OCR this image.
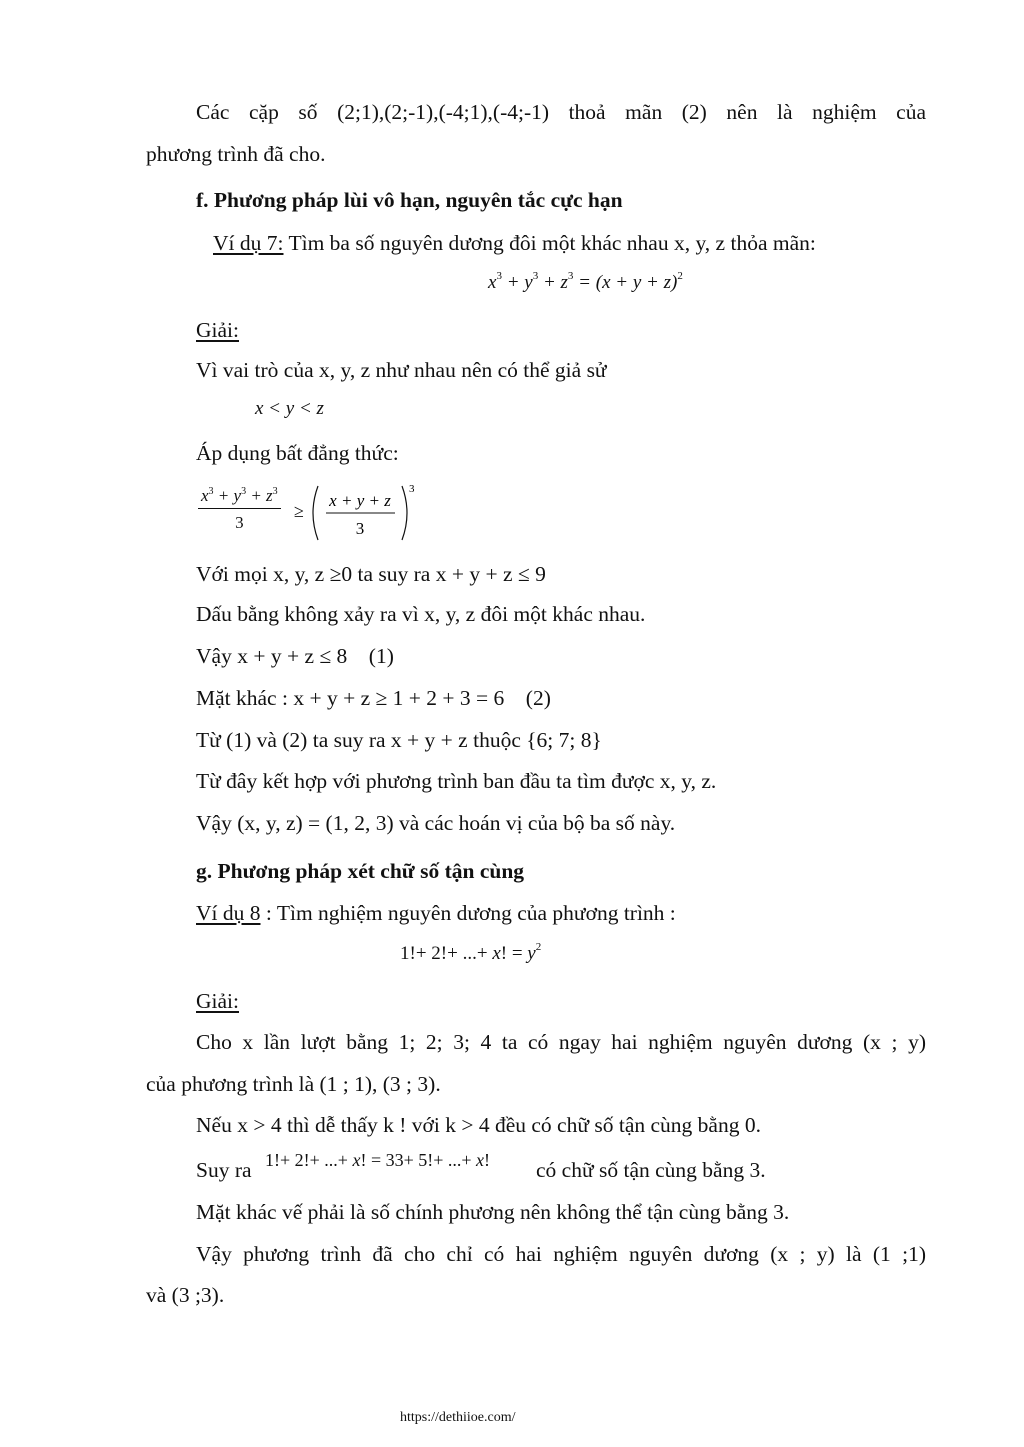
Các cặp số (2;1),(2;-1),(-4;1),(-4;-1) thoả mãn (2) nên là nghiệm của
phương trình đã cho.
f. Phương pháp lùi vô hạn, nguyên tắc cực hạn
Ví dụ 7: Tìm ba số nguyên dương đôi một khác nhau x, y, z thỏa mãn:
$x^3 + y^3 + z^3 = (x + y + z)^2$
Giải:
Vì vai trò của x, y, z như nhau nên có thể giả sử
x < y < z
Áp dụng bất đẳng thức:
$\frac{x^3 + y^3 + z^3}{3}$ ≥
x + y + z
3
3
Với mọi x, y, z ≥0 ta suy ra x + y + z ≤ 9
Dấu bằng không xảy ra vì x, y, z đôi một khác nhau.
Vậy x + y + z ≤ 8    (1)
Mặt khác : x + y + z ≥ 1 + 2 + 3 = 6    (2)
Từ (1) và (2) ta suy ra x + y + z thuộc {6; 7; 8}
Từ đây kết hợp với phương trình ban đầu ta tìm được x, y, z.
Vậy (x, y, z) = (1, 2, 3) và các hoán vị của bộ ba số này.
g. Phương pháp xét chữ số tận cùng
Ví dụ 8 : Tìm nghiệm nguyên dương của phương trình :
1!+ 2!+ ...+ x! = $y^2$
Giải:
Cho x lần lượt bằng 1; 2; 3; 4 ta có ngay hai nghiệm nguyên dương (x ; y)
của phương trình là (1 ; 1), (3 ; 3).
Nếu x > 4 thì dễ thấy k ! với k > 4 đều có chữ số tận cùng bằng 0.
Suy ra 1!+ 2!+ ...+ x! = 33+ 5!+ ...+ x! có chữ số tận cùng bằng 3.
Mặt khác vế phải là số chính phương nên không thể tận cùng bằng 3.
Vậy phương trình đã cho chỉ có hai nghiệm nguyên dương (x ; y) là (1 ;1)
và (3 ;3).
https://dethiioe.com/
